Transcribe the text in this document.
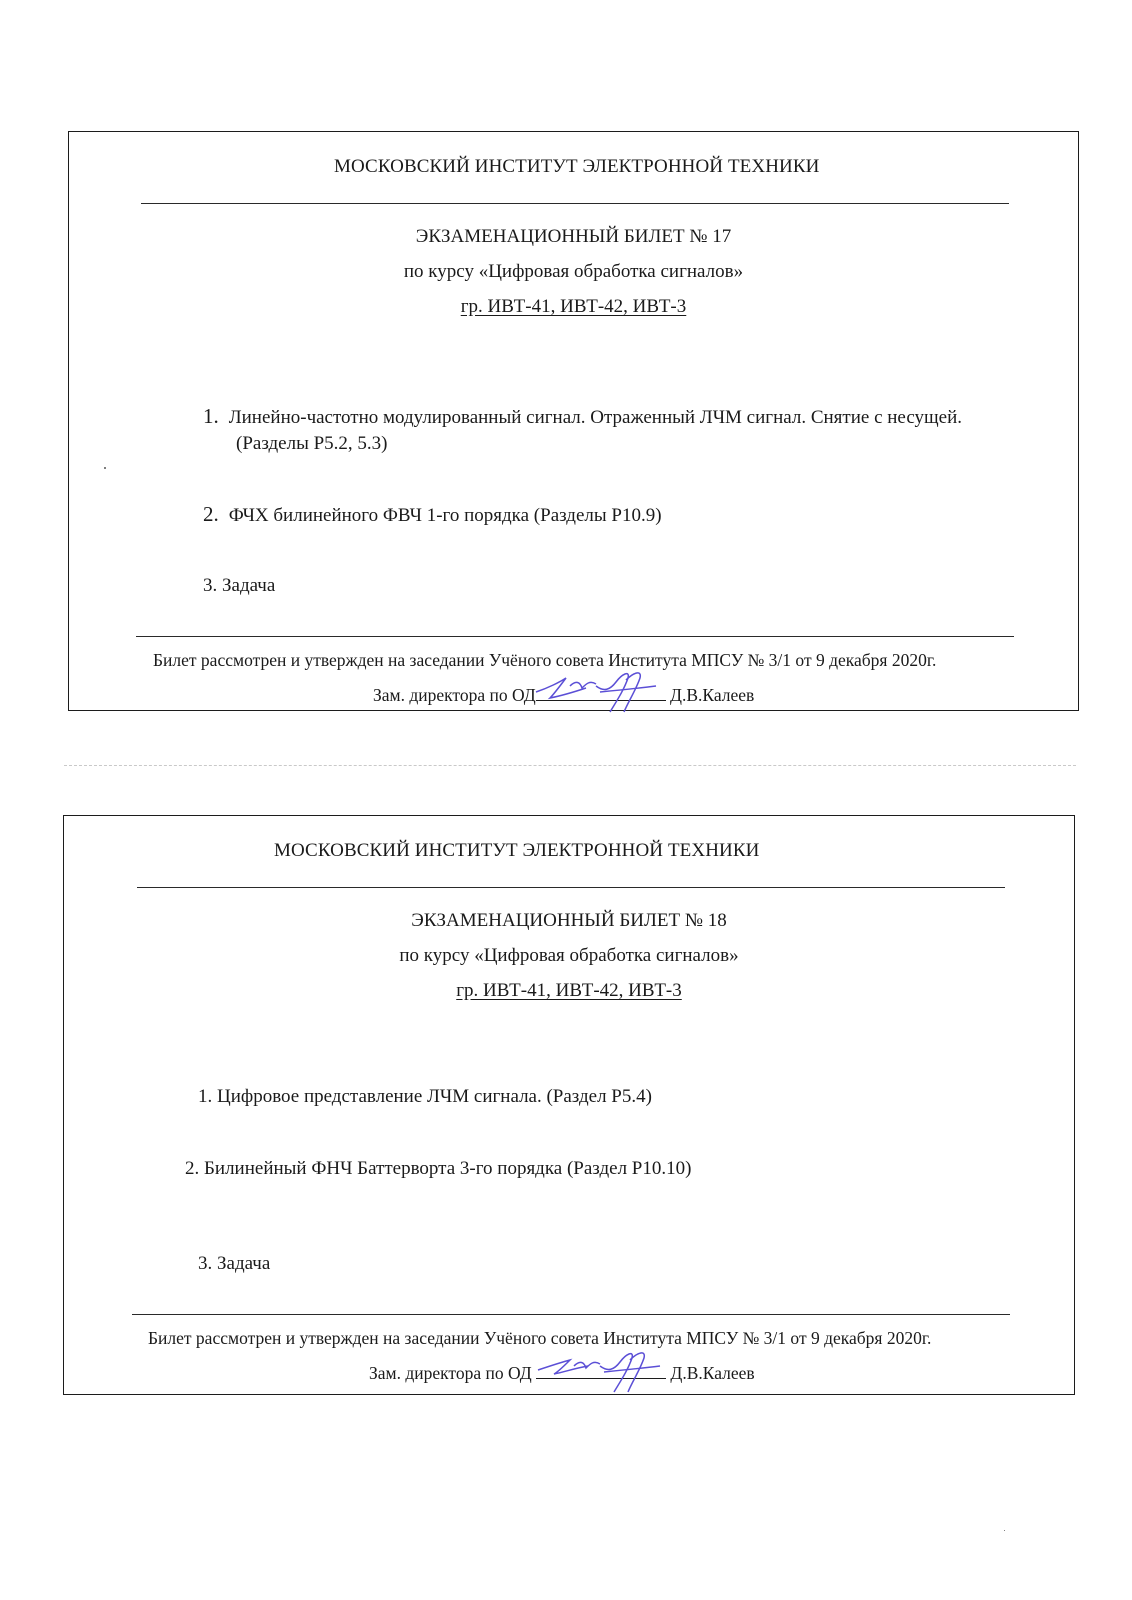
МОСКОВСКИЙ ИНСТИТУТ ЭЛЕКТРОННОЙ ТЕХНИКИ
ЭКЗАМЕНАЦИОННЫЙ БИЛЕТ № 17
по курсу «Цифровая обработка сигналов»
гр. ИВТ-41, ИВТ-42, ИВТ-3
1. Линейно-частотно модулированный сигнал. Отраженный ЛЧМ сигнал. Снятие с несущей.
(Разделы Р5.2, 5.3)
2. ФЧХ билинейного ФВЧ 1-го порядка (Разделы Р10.9)
3. Задача
Билет рассмотрен и утвержден на заседании Учёного совета Института МПСУ № 3/1 от 9 декабря 2020г.
Зам. директора по ОД	Д.В.Калеев
МОСКОВСКИЙ ИНСТИТУТ ЭЛЕКТРОННОЙ ТЕХНИКИ
ЭКЗАМЕНАЦИОННЫЙ БИЛЕТ № 18
по курсу «Цифровая обработка сигналов»
гр. ИВТ-41, ИВТ-42, ИВТ-3
1. Цифровое представление ЛЧМ сигнала. (Раздел Р5.4)
2. Билинейный ФНЧ Баттерворта 3-го порядка (Раздел Р10.10)
3. Задача
Билет рассмотрен и утвержден на заседании Учёного совета Института МПСУ № 3/1 от 9 декабря 2020г.
Зам. директора по ОД	Д.В.Калеев
